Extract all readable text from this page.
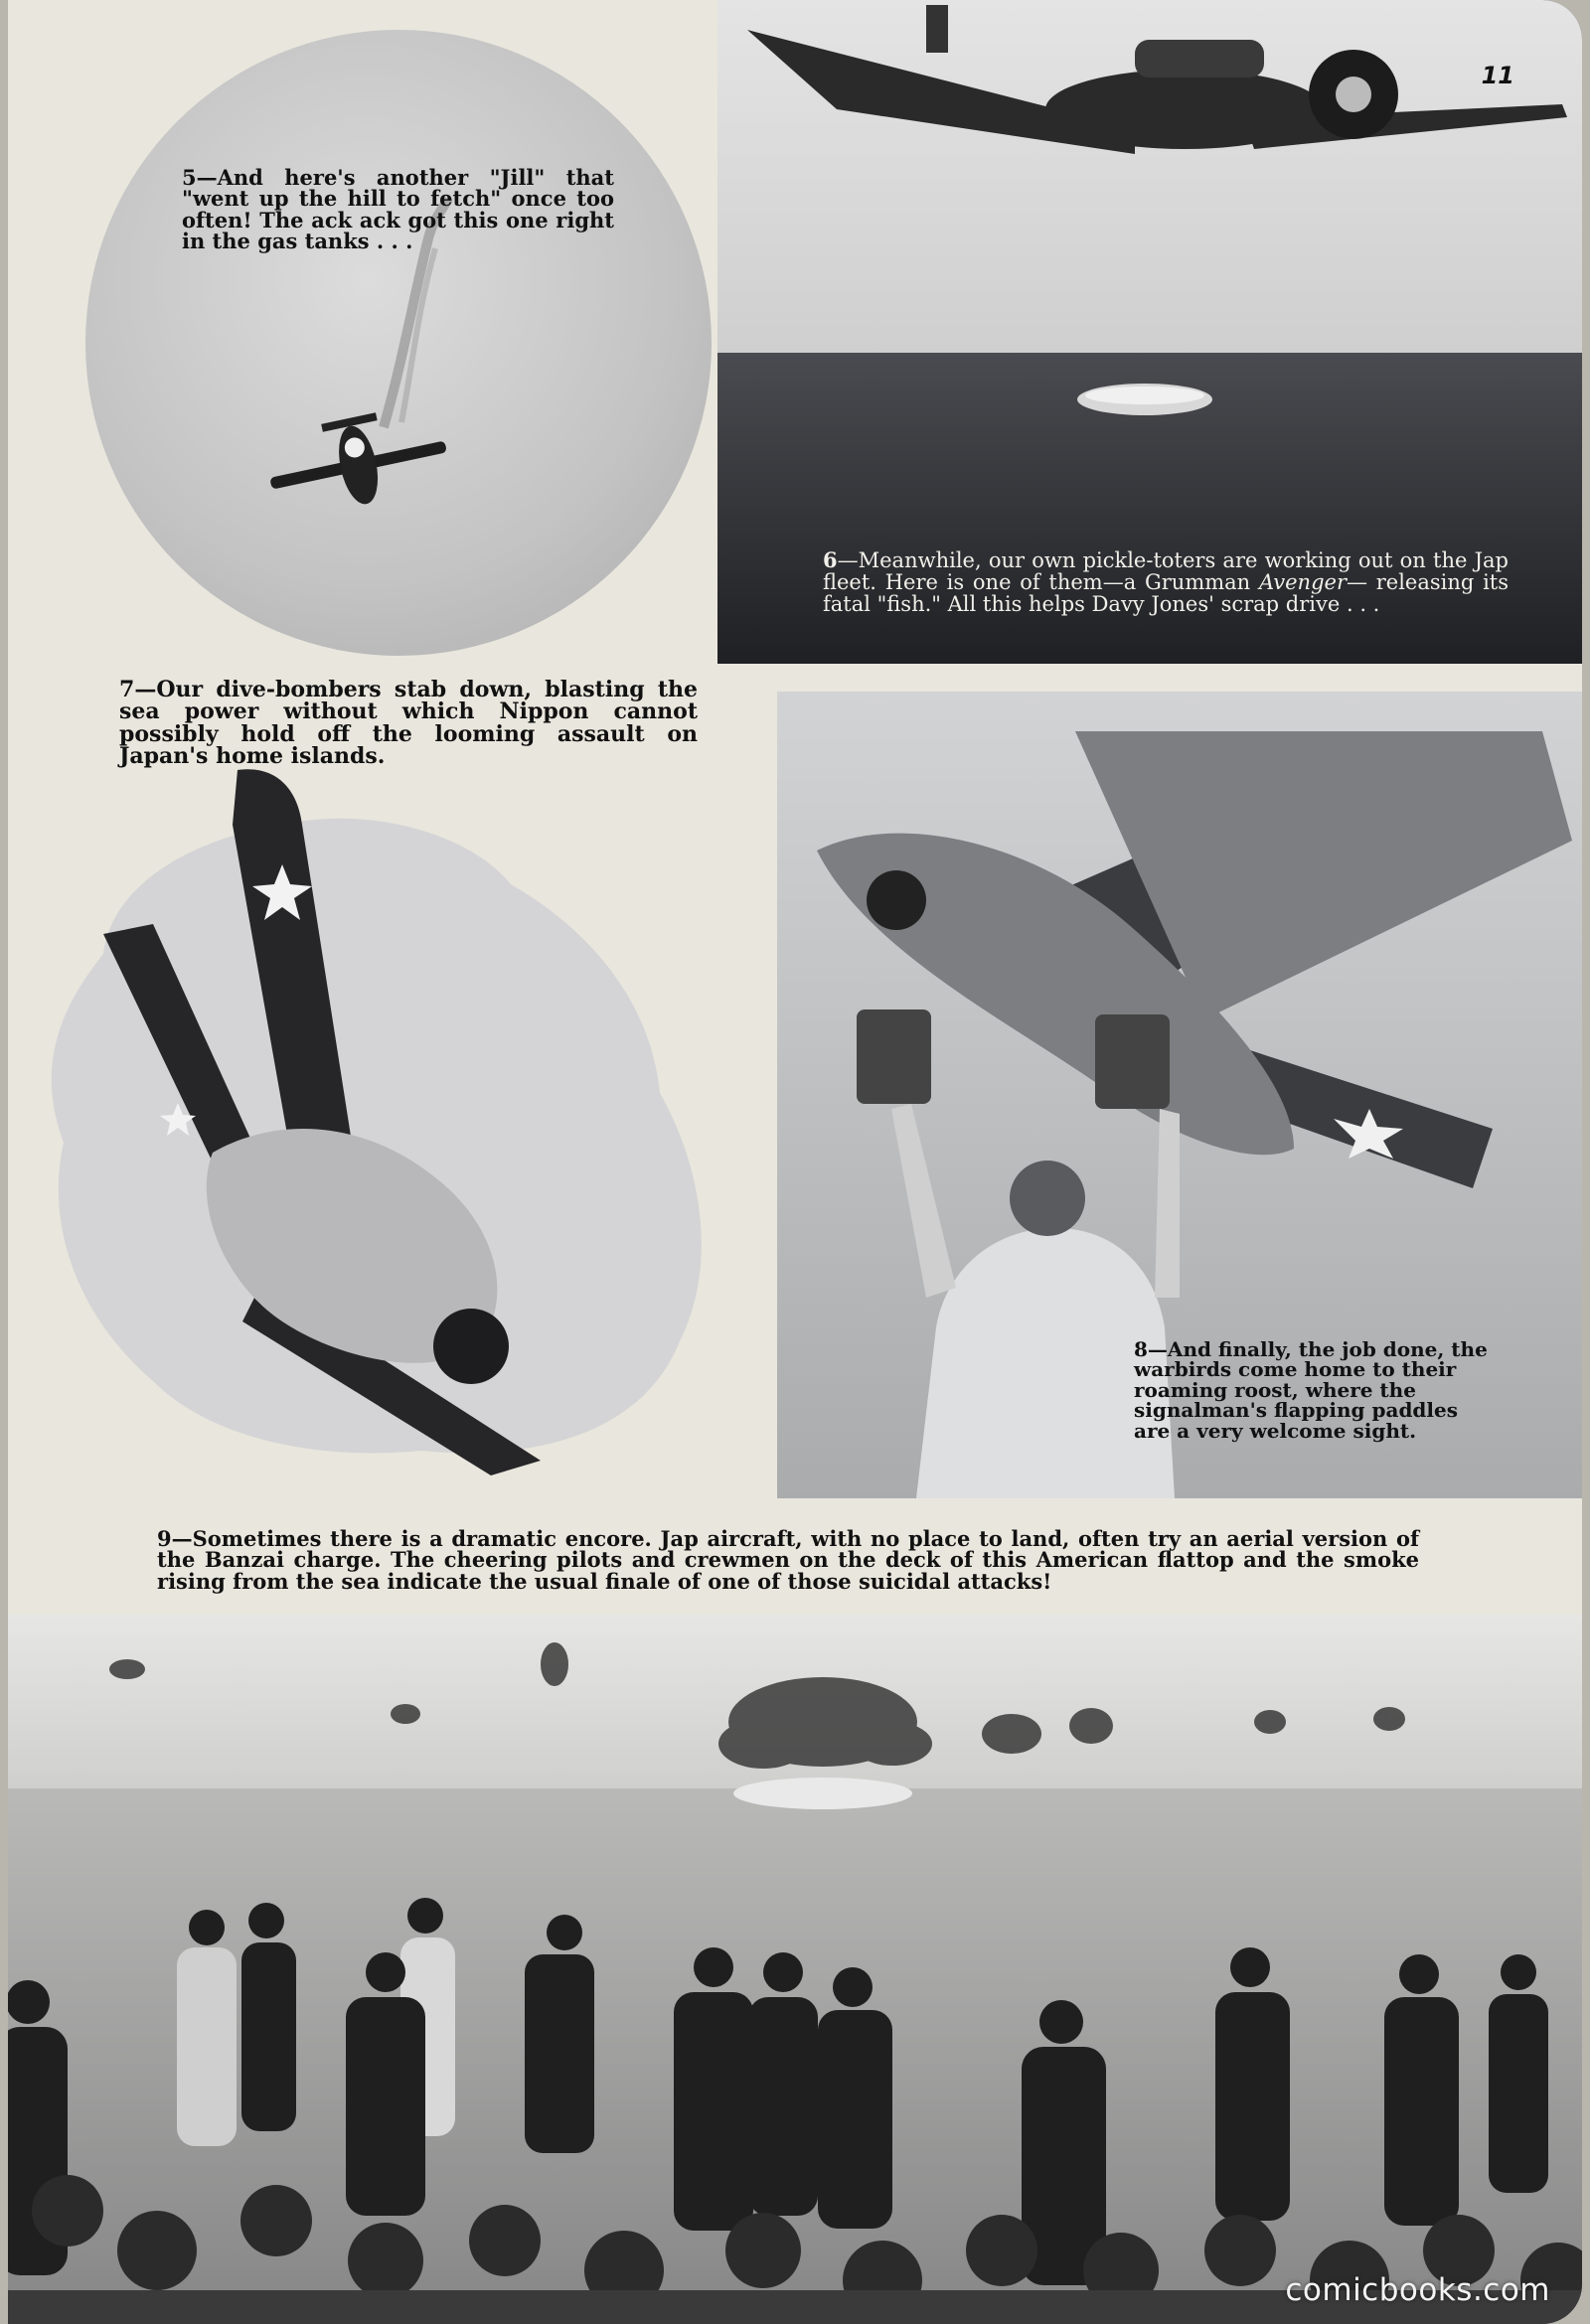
5—And here's another "Jill" that "went up the hill to fetch" once too often! The ack ack got this one right in the gas tanks . . .
6—Meanwhile, our own pickle-toters are working out on the Jap fleet. Here is one of them—a Grumman Avenger— releasing its fatal "fish." All this helps Davy Jones' scrap drive . . .
7—Our dive-bombers stab down, blasting the sea power without which Nippon cannot possibly hold off the looming assault on Japan's home islands.
8—And finally, the job done, the warbirds come home to their roaming roost, where the signalman's flapping paddles are a very welcome sight.
9—Sometimes there is a dramatic encore. Jap aircraft, with no place to land, often try an aerial version of the Banzai charge. The cheering pilots and crewmen on the deck of this American flattop and the smoke rising from the sea indicate the usual finale of one of those suicidal attacks!
11
comicbooks.com
